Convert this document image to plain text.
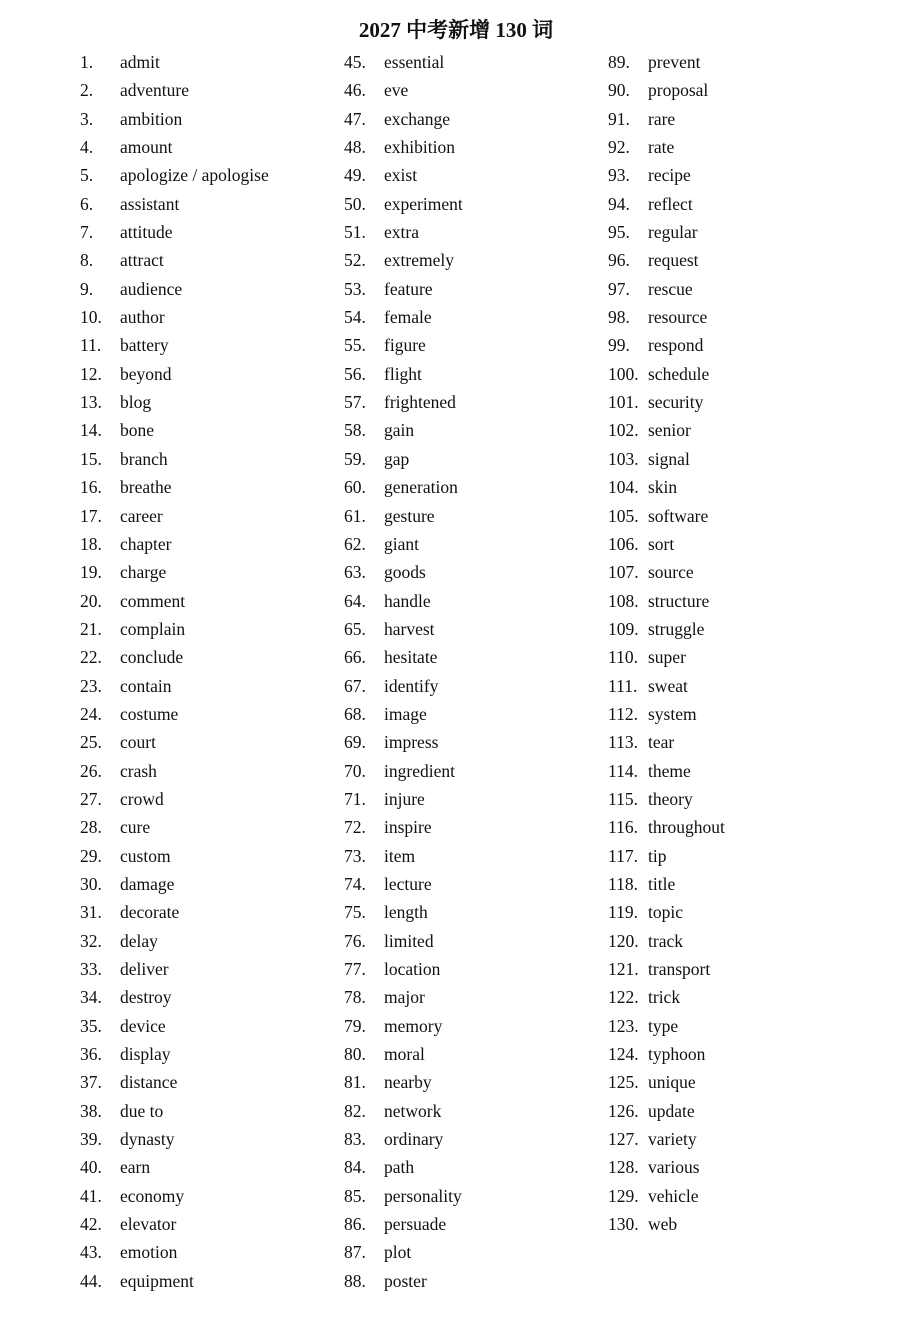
2027 中考新增 130 词
1. admit
2. adventure
3. ambition
4. amount
5. apologize / apologise
6. assistant
7. attitude
8. attract
9. audience
10. author
11. battery
12. beyond
13. blog
14. bone
15. branch
16. breathe
17. career
18. chapter
19. charge
20. comment
21. complain
22. conclude
23. contain
24. costume
25. court
26. crash
27. crowd
28. cure
29. custom
30. damage
31. decorate
32. delay
33. deliver
34. destroy
35. device
36. display
37. distance
38. due to
39. dynasty
40. earn
41. economy
42. elevator
43. emotion
44. equipment
45. essential
46. eve
47. exchange
48. exhibition
49. exist
50. experiment
51. extra
52. extremely
53. feature
54. female
55. figure
56. flight
57. frightened
58. gain
59. gap
60. generation
61. gesture
62. giant
63. goods
64. handle
65. harvest
66. hesitate
67. identify
68. image
69. impress
70. ingredient
71. injure
72. inspire
73. item
74. lecture
75. length
76. limited
77. location
78. major
79. memory
80. moral
81. nearby
82. network
83. ordinary
84. path
85. personality
86. persuade
87. plot
88. poster
89. prevent
90. proposal
91. rare
92. rate
93. recipe
94. reflect
95. regular
96. request
97. rescue
98. resource
99. respond
100. schedule
101. security
102. senior
103. signal
104. skin
105. software
106. sort
107. source
108. structure
109. struggle
110. super
111. sweat
112. system
113. tear
114. theme
115. theory
116. throughout
117. tip
118. title
119. topic
120. track
121. transport
122. trick
123. type
124. typhoon
125. unique
126. update
127. variety
128. various
129. vehicle
130. web
